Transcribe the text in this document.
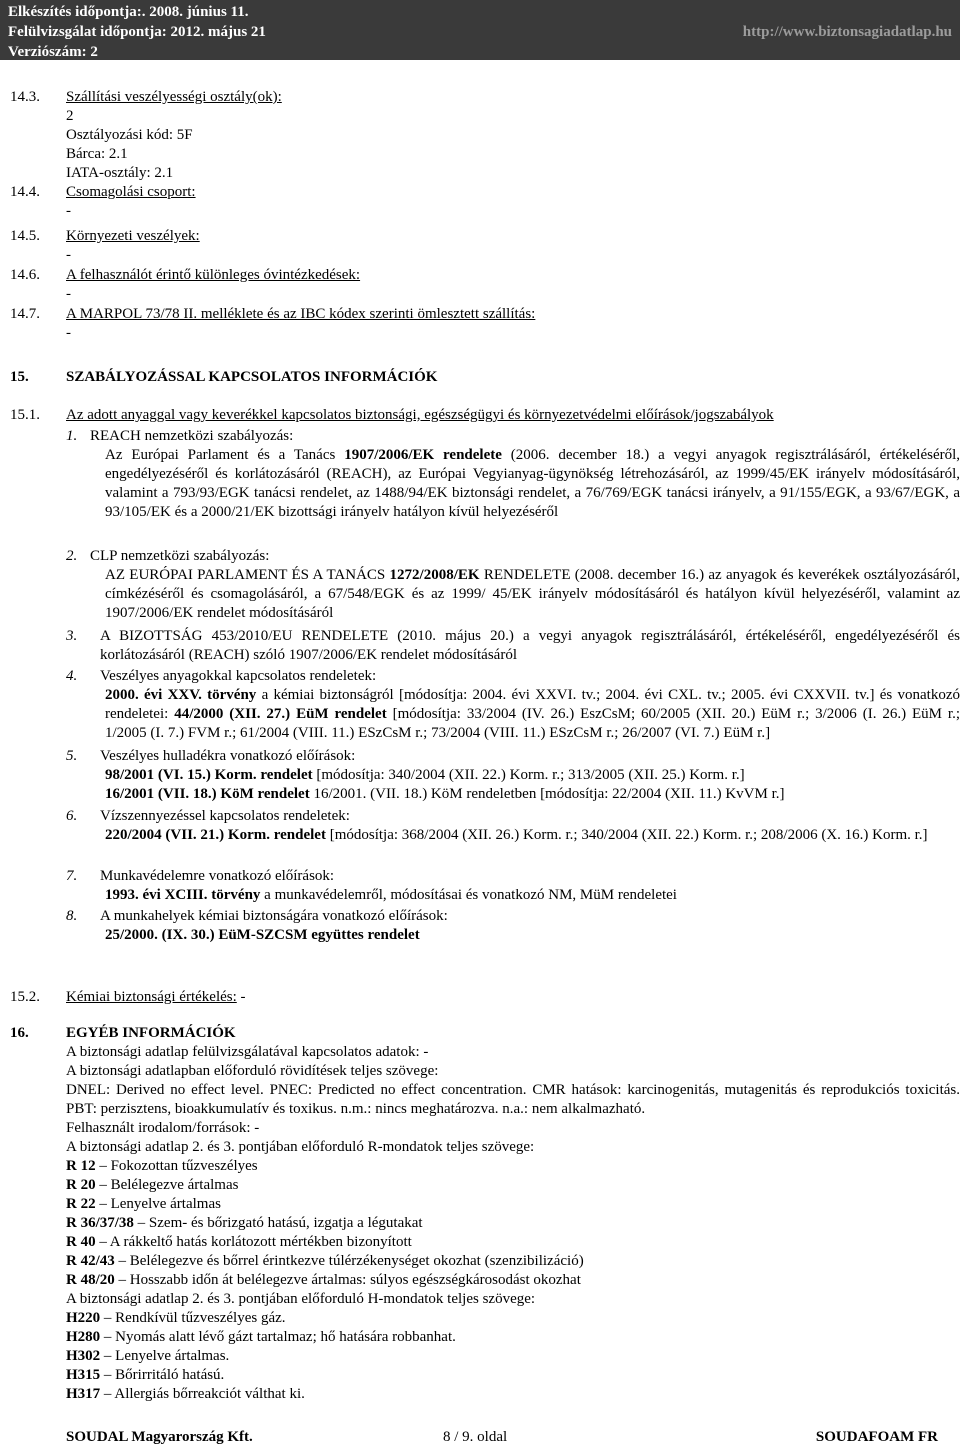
Elkészítés időpontja:. 2008. június 11.
Felülvizsgálat időpontja: 2012. május 21
Verziószám: 2
http://www.biztonsagiadatlap.hu
14.3. Szállítási veszélyességi osztály(ok):
2
Osztályozási kód: 5F
Bárca: 2.1
IATA-osztály: 2.1
14.4. Csomagolási csoport:
-
14.5. Környezeti veszélyek:
-
14.6. A felhasználót érintő különleges óvintézkedések:
-
14.7. A MARPOL 73/78 II. melléklete és az IBC kódex szerinti ömlesztett szállítás:
-
15. SZABÁLYOZÁSSAL KAPCSOLATOS INFORMÁCIÓK
15.1. Az adott anyaggal vagy keverékkel kapcsolatos biztonsági, egészségügyi és környezetvédelmi előírások/jogszabályok
1. REACH nemzetközi szabályozás:
Az Európai Parlament és a Tanács 1907/2006/EK rendelete (2006. december 18.) a vegyi anyagok regisztrálásáról, értékeléséről, engedélyezéséről és korlátozásáról (REACH), az Európai Vegyianyag-ügynökség létrehozásáról, az 1999/45/EK irányelv módosításáról, valamint a 793/93/EGK tanácsi rendelet, az 1488/94/EK biztonsági rendelet, a 76/769/EGK tanácsi irányelv, a 91/155/EGK, a 93/67/EGK, a 93/105/EK és a 2000/21/EK bizottsági irányelv hatályon kívül helyezéséről
2. CLP nemzetközi szabályozás:
AZ EURÓPAI PARLAMENT ÉS A TANÁCS 1272/2008/EK RENDELETE (2008. december 16.) az anyagok és keverékek osztályozásáról, címkézéséről és csomagolásáról, a 67/548/EGK és az 1999/ 45/EK irányelv módosításáról és hatályon kívül helyezéséről, valamint az 1907/2006/EK rendelet módosításáról
3. A BIZOTTSÁG 453/2010/EU RENDELETE (2010. május 20.) a vegyi anyagok regisztrálásáról, értékeléséről, engedélyezéséről és korlátozásáról (REACH) szóló 1907/2006/EK rendelet módosításáról
4. Veszélyes anyagokkal kapcsolatos rendeletek:
2000. évi XXV. törvény a kémiai biztonságról [módosítja: 2004. évi XXVI. tv.; 2004. évi CXL. tv.; 2005. évi CXXVII. tv.] és vonatkozó rendeletei: 44/2000 (XII. 27.) EüM rendelet [módosítja: 33/2004 (IV. 26.) EszCsM; 60/2005 (XII. 20.) EüM r.; 3/2006 (I. 26.) EüM r.; 1/2005 (I. 7.) FVM r.; 61/2004 (VIII. 11.) ESzCsM r.; 73/2004 (VIII. 11.) ESzCsM r.; 26/2007 (VI. 7.) EüM r.]
5. Veszélyes hulladékra vonatkozó előírások:
98/2001 (VI. 15.) Korm. rendelet [módosítja: 340/2004 (XII. 22.) Korm. r.; 313/2005 (XII. 25.) Korm. r.]
16/2001 (VII. 18.) KöM rendelet 16/2001. (VII. 18.) KöM rendeletben [módosítja: 22/2004 (XII. 11.) KvVM r.]
6. Vízszennyezéssel kapcsolatos rendeletek:
220/2004 (VII. 21.) Korm. rendelet [módosítja: 368/2004 (XII. 26.) Korm. r.; 340/2004 (XII. 22.) Korm. r.; 208/2006 (X. 16.) Korm. r.]
7. Munkavédelemre vonatkozó előírások:
1993. évi XCIII. törvény a munkavédelemről, módosításai és vonatkozó NM, MüM rendeletei
8. A munkahelyek kémiai biztonságára vonatkozó előírások:
25/2000. (IX. 30.) EüM-SZCSM együttes rendelet
15.2. Kémiai biztonsági értékelés: -
16. EGYÉB INFORMÁCIÓK
A biztonsági adatlap felülvizsgálatával kapcsolatos adatok: -
A biztonsági adatlapban előforduló rövidítések teljes szövege:
DNEL: Derived no effect level. PNEC: Predicted no effect concentration. CMR hatások: karcinogenitás, mutagenitás és reprodukciós toxicitás. PBT: perzisztens, bioakkumulatív és toxikus. n.m.: nincs meghatározva. n.a.: nem alkalmazható.
Felhasznált irodalom/források: -
A biztonsági adatlap 2. és 3. pontjában előforduló R-mondatok teljes szövege:
R 12 – Fokozottan tűzveszélyes
R 20 – Belélegezve ártalmas
R 22 – Lenyelve ártalmas
R 36/37/38 – Szem- és bőrizgató hatású, izgatja a légutakat
R 40 – A rákkeltő hatás korlátozott mértékben bizonyított
R 42/43 – Belélegezve és bőrrel érintkezve túlérzékenységet okozhat (szenzibilizáció)
R 48/20 – Hosszabb időn át belélegezve ártalmas: súlyos egészségkárosodást okozhat
A biztonsági adatlap 2. és 3. pontjában előforduló H-mondatok teljes szövege:
H220 – Rendkívül tűzveszélyes gáz.
H280 – Nyomás alatt lévő gázt tartalmaz; hő hatására robbanhat.
H302 – Lenyelve ártalmas.
H315 – Bőrirritáló hatású.
H317 – Allergiás bőrreakciót válthat ki.
SOUDAL Magyarország Kft.	8 / 9. oldal	SOUDAFOAM FR
